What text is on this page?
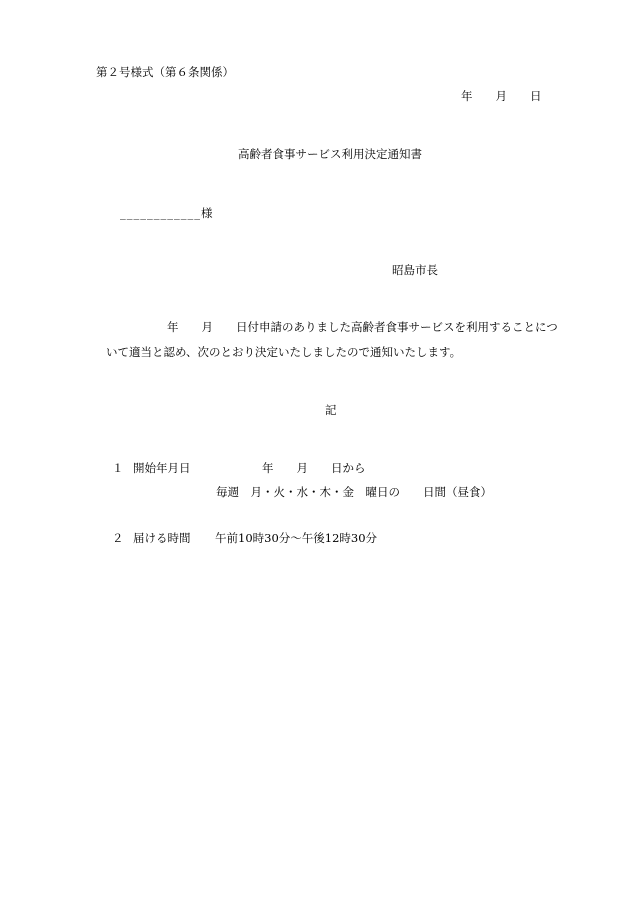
第２号様式（第６条関係）
年　　月　　日
高齢者食事サービス利用決定通知書
____________様
昭島市長
年　　月　　日付申請のありました高齢者食事サービスを利用することにつ
いて適当と認め、次のとおり決定いたしましたので通知いたします。
記
１ 開始年月日	年　　月　　日から
毎週　月・火・水・木・金　曜日の　　日間（昼食）
２ 届ける時間 午前10時30分～午後12時30分
